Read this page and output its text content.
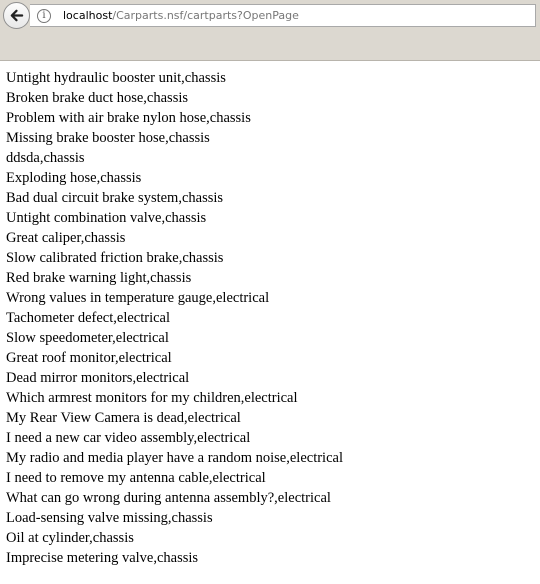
i	localhost/Carparts.nsf/cartparts?OpenPage
Untight hydraulic booster unit,chassis
Broken brake duct hose,chassis
Problem with air brake nylon hose,chassis
Missing brake booster hose,chassis
ddsda,chassis
Exploding hose,chassis
Bad dual circuit brake system,chassis
Untight combination valve,chassis
Great caliper,chassis
Slow calibrated friction brake,chassis
Red brake warning light,chassis
Wrong values in temperature gauge,electrical
Tachometer defect,electrical
Slow speedometer,electrical
Great roof monitor,electrical
Dead mirror monitors,electrical
Which armrest monitors for my children,electrical
My Rear View Camera is dead,electrical
I need a new car video assembly,electrical
My radio and media player have a random noise,electrical
I need to remove my antenna cable,electrical
What can go wrong during antenna assembly?,electrical
Load-sensing valve missing,chassis
Oil at cylinder,chassis
Imprecise metering valve,chassis
